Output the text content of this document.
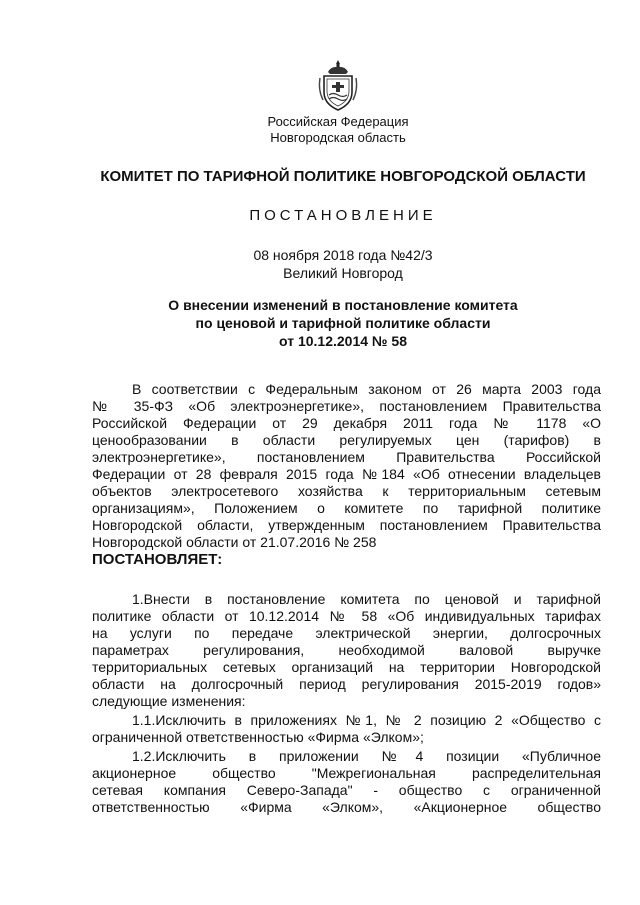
Российская Федерация
Новгородская область
КОМИТЕТ ПО ТАРИФНОЙ ПОЛИТИКЕ НОВГОРОДСКОЙ ОБЛАСТИ
ПОСТАНОВЛЕНИЕ
08 ноября 2018 года №42/3
Великий Новгород
О внесении изменений в постановление комитета
по ценовой и тарифной политике области
от 10.12.2014 № 58
В соответствии с Федеральным законом от 26 марта 2003 года
№ 35-ФЗ «Об электроэнергетике», постановлением Правительства
Российской Федерации от 29 декабря 2011 года № 1178 «О
ценообразовании в области регулируемых цен (тарифов) в
электроэнергетике», постановлением Правительства Российской
Федерации от 28 февраля 2015 года №184 «Об отнесении владельцев
объектов электросетевого хозяйства к территориальным сетевым
организациям», Положением о комитете по тарифной политике
Новгородской области, утвержденным постановлением Правительства
Новгородской области от 21.07.2016 № 258
ПОСТАНОВЛЯЕТ:
1.Внести в постановление комитета по ценовой и тарифной
политике области от 10.12.2014 № 58 «Об индивидуальных тарифах
на услуги по передаче электрической энергии, долгосрочных
параметрах регулирования, необходимой валовой выручке
территориальных сетевых организаций на территории Новгородской
области на долгосрочный период регулирования 2015-2019 годов»
следующие изменения:
1.1.Исключить в приложениях №1, № 2 позицию 2 «Общество с
ограниченной ответственностью «Фирма «Элком»;
1.2.Исключить в приложении №4 позиции «Публичное
акционерное общество "Межрегиональная распределительная
сетевая компания Северо-Запада" - общество с ограниченной
ответственностью «Фирма «Элком», «Акционерное общество
